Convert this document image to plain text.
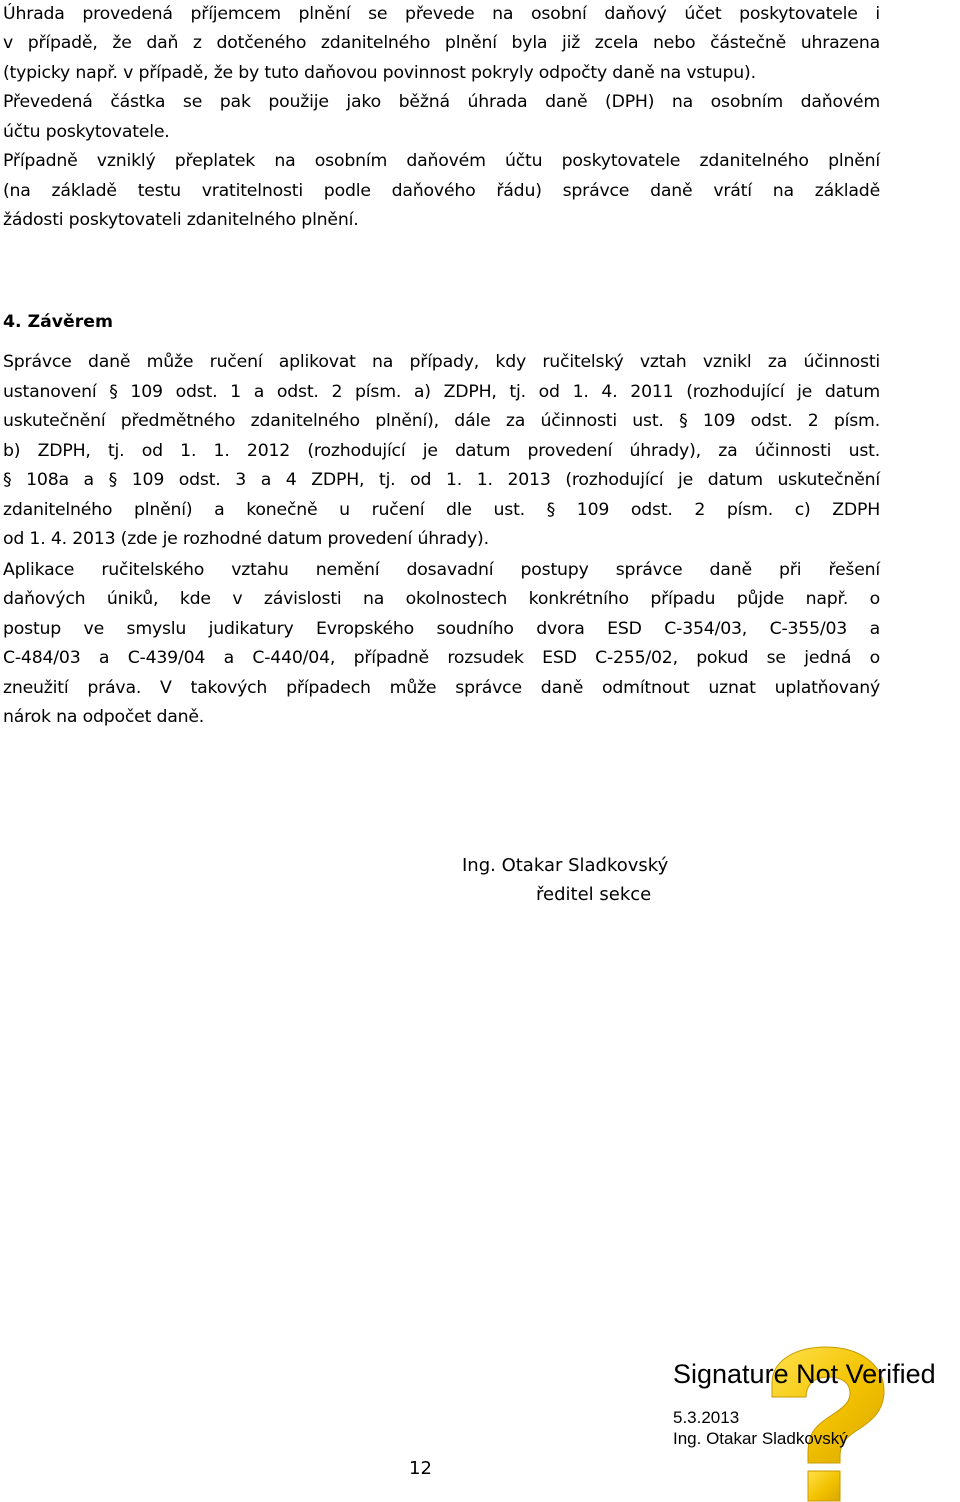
Úhrada provedená příjemcem plnění se převede na osobní daňový účet poskytovatele i
v případě, že daň z dotčeného zdanitelného plnění byla již zcela nebo částečně uhrazena
(typicky např. v případě, že by tuto daňovou povinnost pokryly odpočty daně na vstupu).
Převedená částka se pak použije jako běžná úhrada daně (DPH) na osobním daňovém
účtu poskytovatele.
Případně vzniklý přeplatek na osobním daňovém účtu poskytovatele zdanitelného plnění
(na základě testu vratitelnosti podle daňového řádu) správce daně vrátí na základě
žádosti poskytovateli zdanitelného plnění.
4. Závěrem
Správce daně může ručení aplikovat na případy, kdy ručitelský vztah vznikl za účinnosti
ustanovení § 109 odst. 1 a odst. 2 písm. a) ZDPH, tj. od 1. 4. 2011 (rozhodující je datum
uskutečnění předmětného zdanitelného plnění), dále za účinnosti ust. § 109 odst. 2 písm.
b) ZDPH, tj. od 1. 1. 2012 (rozhodující je datum provedení úhrady), za účinnosti ust.
§ 108a a § 109 odst. 3 a 4 ZDPH, tj. od 1. 1. 2013 (rozhodující je datum uskutečnění
zdanitelného plnění) a konečně u ručení dle ust. § 109 odst. 2 písm. c) ZDPH
od 1. 4. 2013 (zde je rozhodné datum provedení úhrady).
Aplikace ručitelského vztahu nemění dosavadní postupy správce daně při řešení
daňových úniků, kde v závislosti na okolnostech konkrétního případu půjde např. o
postup ve smyslu judikatury Evropského soudního dvora ESD C-354/03, C-355/03 a
C-484/03 a C-439/04 a C-440/04, případně rozsudek ESD C-255/02, pokud se jedná o
zneužití práva. V takových případech může správce daně odmítnout uznat uplatňovaný
nárok na odpočet daně.
Ing. Otakar Sladkovský
ředitel sekce
Signature Not Verified
5.3.2013
Ing. Otakar Sladkovský
12
